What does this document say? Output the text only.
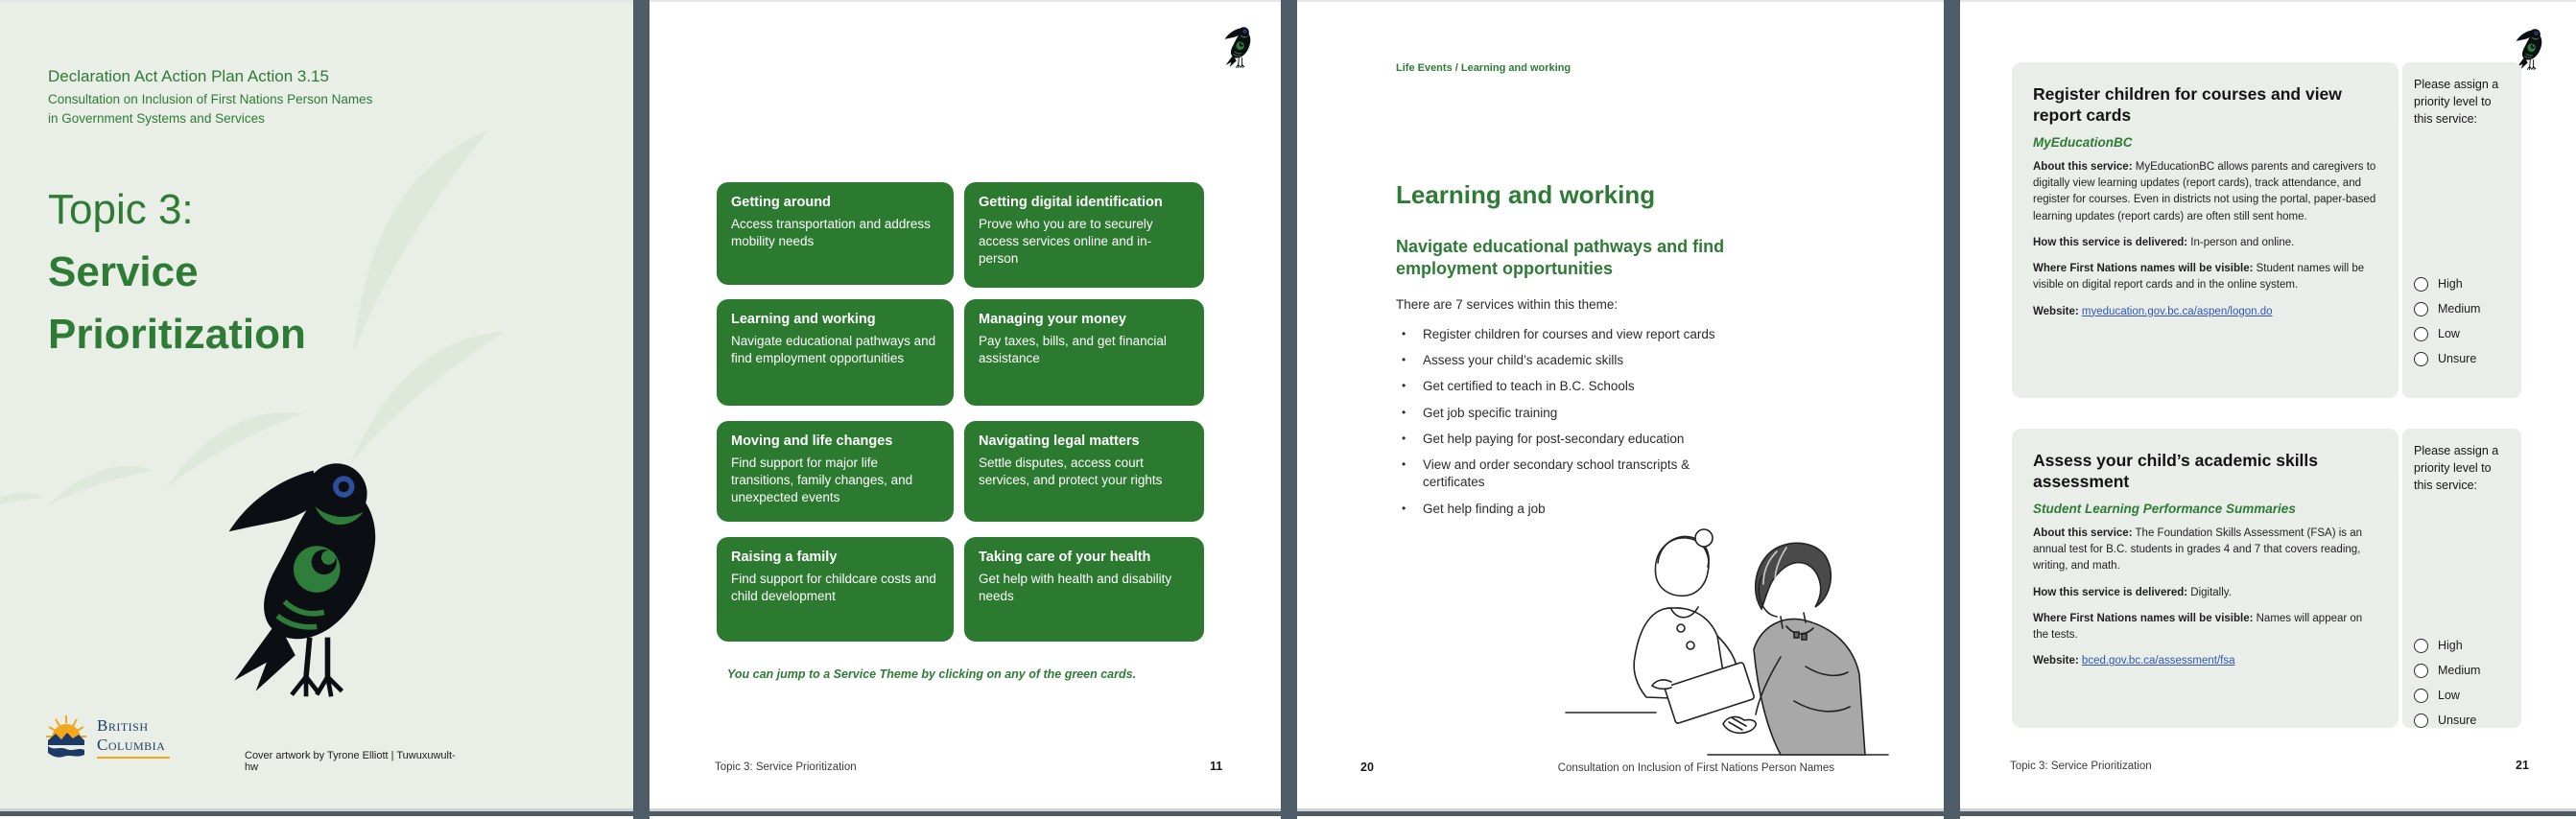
Declaration Act Action Plan Action 3.15
Consultation on Inclusion of First Nations Person Names
in Government Systems and Services
Topic 3:
Service
Prioritization
British
Columbia
Cover artwork by Tyrone Elliott | Tuwuxuwult-hw
Getting around
Access transportation and address mobility needs
Getting digital identification
Prove who you are to securely access services online and in-person
Learning and working
Navigate educational pathways and find employment opportunities
Managing your money
Pay taxes, bills, and get financial assistance
Moving and life changes
Find support for major life transitions, family changes, and unexpected events
Navigating legal matters
Settle disputes, access court services, and protect your rights
Raising a family
Find support for childcare costs and child development
Taking care of your health
Get help with health and disability needs
You can jump to a Service Theme by clicking on any of the green cards.
Topic 3: Service Prioritization	11
Life Events / Learning and working
Learning and working
Navigate educational pathways and find employment opportunities
There are 7 services within this theme:
• Register children for courses and view report cards
• Assess your child’s academic skills
• Get certified to teach in B.C. Schools
• Get job specific training
• Get help paying for post-secondary education
• View and order secondary school transcripts & certificates
• Get help finding a job
20	Consultation on Inclusion of First Nations Person Names
Register children for courses and view report cards
MyEducationBC

About this service: MyEducationBC allows parents and caregivers to digitally view learning updates (report cards), track attendance, and register for courses. Even in districts not using the portal, paper-based learning updates (report cards) are often still sent home.

How this service is delivered: In-person and online.

Where First Nations names will be visible: Student names will be visible on digital report cards and in the online system.

Website: myeducation.gov.bc.ca/aspen/logon.do

Please assign a priority level to this service:
High
Medium
Low
Unsure
Assess your child’s academic skills assessment
Student Learning Performance Summaries

About this service: The Foundation Skills Assessment (FSA) is an annual test for B.C. students in grades 4 and 7 that covers reading, writing, and math.

How this service is delivered: Digitally.

Where First Nations names will be visible: Names will appear on the tests.

Website: bced.gov.bc.ca/assessment/fsa

Please assign a priority level to this service:
High
Medium
Low
Unsure
Topic 3: Service Prioritization	21
